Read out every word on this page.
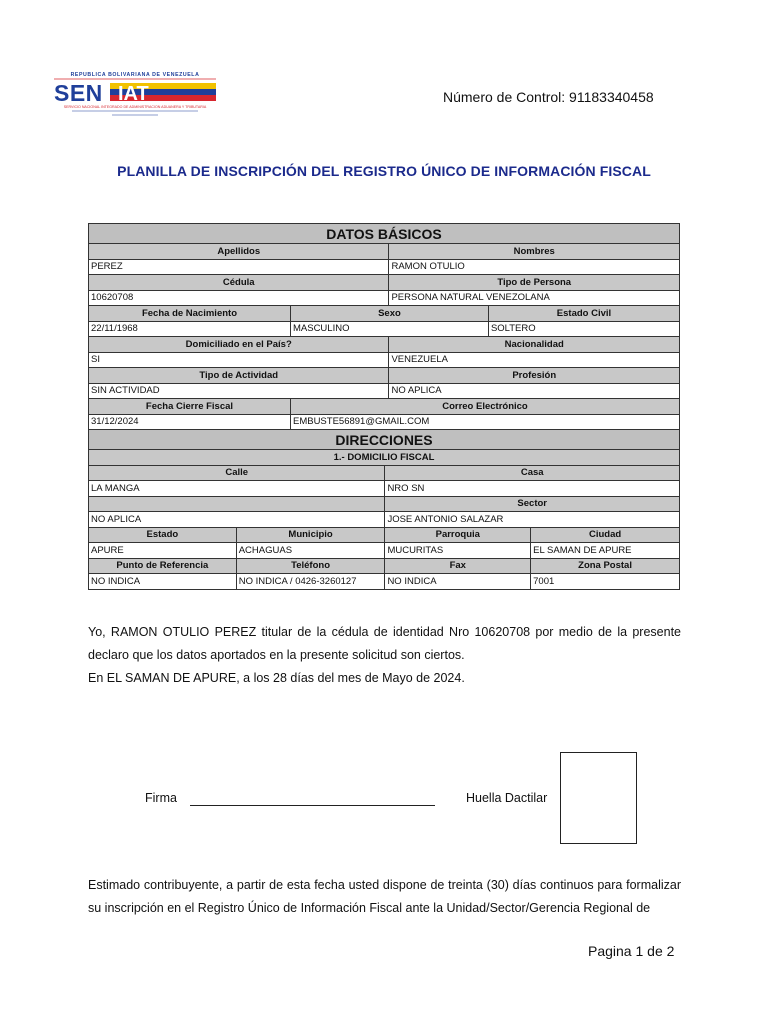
REPUBLICA BOLIVARIANA DE VENEZUELA
SEN IAT
SERVICIO NACIONAL INTEGRADO DE ADMINISTRACION ADUANERA Y TRIBUTARIA
Número de Control: 91183340458
PLANILLA DE INSCRIPCIÓN DEL REGISTRO ÚNICO DE INFORMACIÓN FISCAL
DATOS BÁSICOS						
Apellidos				Nombres		
PEREZ				RAMON OTULIO		
Cédula				Tipo de Persona		
10620708				PERSONA NATURAL VENEZOLANA		
Fecha de Nacimiento		Sexo			Estado Civil	
22/11/1968		MASCULINO			SOLTERO	
Domiciliado en el País?				Nacionalidad		
SI				VENEZUELA		
Tipo de Actividad				Profesión		
SIN ACTIVIDAD				NO APLICA		
Fecha Cierre Fiscal		Correo Electrónico				
31/12/2024		EMBUSTE56891@GMAIL.COM				
DIRECCIONES						
1.- DOMICILIO FISCAL						
Calle			Casa			
LA MANGA			NRO SN			
			Sector			
NO APLICA			JOSE ANTONIO SALAZAR			
Estado	Municipio		Parroquia			Ciudad
APURE	ACHAGUAS		MUCURITAS			EL SAMAN DE APURE
Punto de Referencia	Teléfono		Fax			Zona Postal
NO INDICA	NO INDICA / 0426-3260127		NO INDICA			7001
Yo, RAMON OTULIO PEREZ titular de la cédula de identidad Nro 10620708 por medio de la presente declaro que los datos aportados en la presente solicitud son ciertos.
En EL SAMAN DE APURE, a los 28 días del mes de Mayo de 2024.
Firma	Huella Dactilar
Estimado contribuyente, a partir de esta fecha usted dispone de treinta (30) días continuos para formalizar su inscripción en el Registro Único de Información Fiscal ante la Unidad/Sector/Gerencia Regional de
Pagina 1 de 2
